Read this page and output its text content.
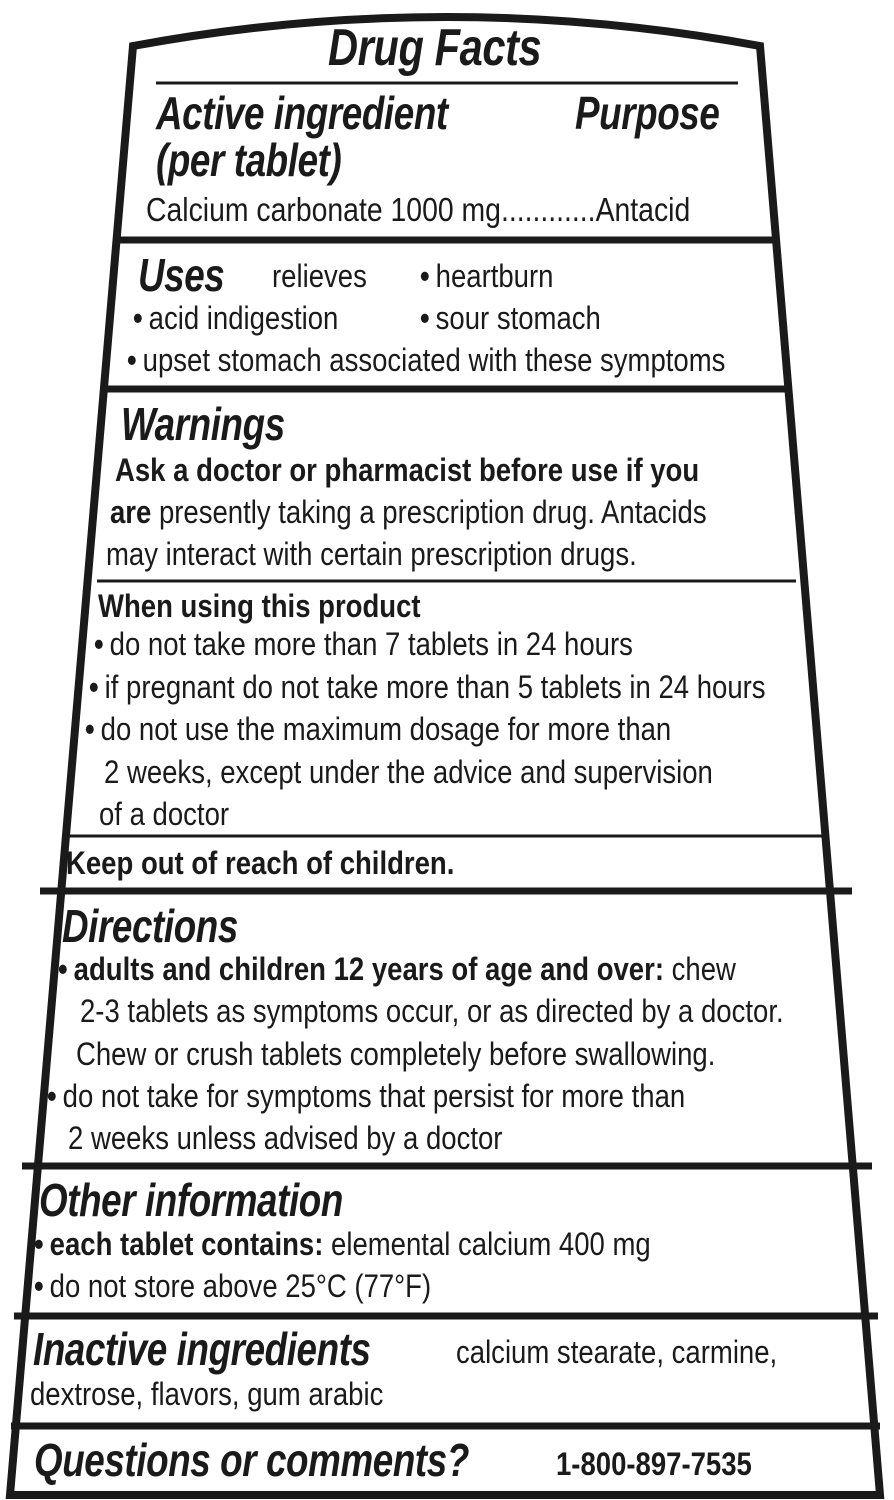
Drug Facts
Active ingredient
(per tablet)
Purpose
Calcium carbonate 1000 mg............Antacid
Uses relieves • heartburn
• acid indigestion	• sour stomach
• upset stomach associated with these symptoms
Warnings
Ask a doctor or pharmacist before use if you
are presently taking a prescription drug. Antacids
may interact with certain prescription drugs.
When using this product
• do not take more than 7 tablets in 24 hours
• if pregnant do not take more than 5 tablets in 24 hours
• do not use the maximum dosage for more than
2 weeks, except under the advice and supervision
of a doctor
Keep out of reach of children.
Directions
• adults and children 12 years of age and over: chew
2-3 tablets as symptoms occur, or as directed by a doctor.
Chew or crush tablets completely before swallowing.
• do not take for symptoms that persist for more than
2 weeks unless advised by a doctor
Other information
• each tablet contains: elemental calcium 400 mg
• do not store above 25°C (77°F)
Inactive ingredients	calcium stearate, carmine,
dextrose, flavors, gum arabic
Questions or comments?	1-800-897-7535
